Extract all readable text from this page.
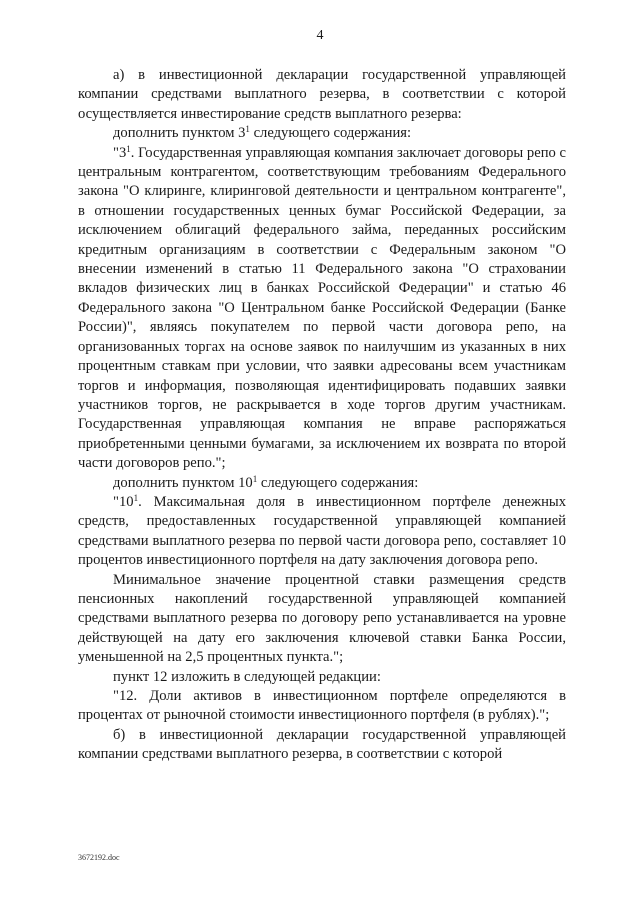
4

а) в инвестиционной декларации государственной управляющей компании средствами выплатного резерва, в соответствии с которой осуществляется инвестирование средств выплатного резерва:

дополнить пунктом $3^1$ следующего содержания:

"$3^1$. Государственная управляющая компания заключает договоры репо с центральным контрагентом, соответствующим требованиям Федерального закона "О клиринге, клиринговой деятельности и центральном контрагенте", в отношении государственных ценных бумаг Российской Федерации, за исключением облигаций федерального займа, переданных российским кредитным организациям в соответствии с Федеральным законом "О внесении изменений в статью 11 Федерального закона "О страховании вкладов физических лиц в банках Российской Федерации" и статью 46 Федерального закона "О Центральном банке Российской Федерации (Банке России)", являясь покупателем по первой части договора репо, на организованных торгах на основе заявок по наилучшим из указанных в них процентным ставкам при условии, что заявки адресованы всем участникам торгов и информация, позволяющая идентифицировать подавших заявки участников торгов, не раскрывается в ходе торгов другим участникам. Государственная управляющая компания не вправе распоряжаться приобретенными ценными бумагами, за исключением их возврата по второй части договоров репо.";

дополнить пунктом $10^1$ следующего содержания:

"$10^1$. Максимальная доля в инвестиционном портфеле денежных средств, предоставленных государственной управляющей компанией средствами выплатного резерва по первой части договора репо, составляет 10 процентов инвестиционного портфеля на дату заключения договора репо.

Минимальное значение процентной ставки размещения средств пенсионных накоплений государственной управляющей компанией средствами выплатного резерва по договору репо устанавливается на уровне действующей на дату его заключения ключевой ставки Банка России, уменьшенной на 2,5 процентных пункта.";

пункт 12 изложить в следующей редакции:

"12. Доли активов в инвестиционном портфеле определяются в процентах от рыночной стоимости инвестиционного портфеля (в рублях).";

б) в инвестиционной декларации государственной управляющей компании средствами выплатного резерва, в соответствии с которой

3672192.doc
